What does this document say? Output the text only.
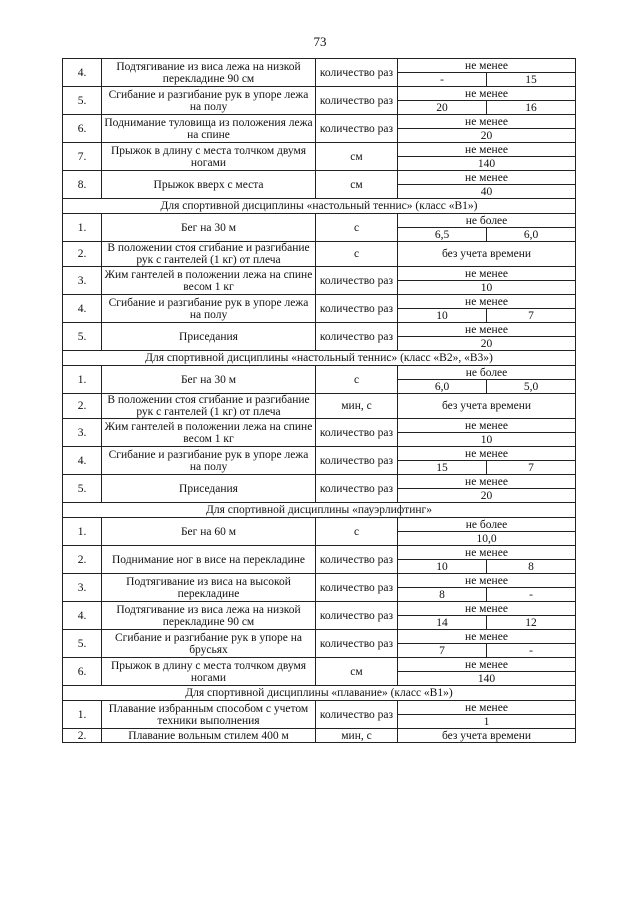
73
4.	Подтягивание из виса лежа на низкой перекладине 90 см	количество раз	не менее	
			-	15
5.	Сгибание и разгибание рук в упоре лежа на полу	количество раз	не менее	
			20	16
6.	Поднимание туловища из положения лежа на спине	количество раз	не менее	
			20	
7.	Прыжок в длину с места толчком двумя ногами	см	не менее	
			140	
8.	Прыжок вверх с места	см	не менее	
			40	
Для спортивной дисциплины «настольный теннис» (класс «В1»)				
1.	Бег на 30 м	с	не более	
			6,5	6,0
2.	В положении стоя сгибание и разгибание рук с гантелей (1 кг) от плеча	с	без учета времени	

3.	Жим гантелей в положении лежа на спине весом 1 кг	количество раз	не менее	
			10	
4.	Сгибание и разгибание рук в упоре лежа на полу	количество раз	не менее	
			10	7
5.	Приседания	количество раз	не менее	
			20	
Для спортивной дисциплины «настольный теннис» (класс «В2», «В3»)				
1.	Бег на 30 м	с	не более	
			6,0	5,0
2.	В положении стоя сгибание и разгибание рук с гантелей (1 кг) от плеча	мин, с	без учета времени	

3.	Жим гантелей в положении лежа на спине весом 1 кг	количество раз	не менее	
			10	
4.	Сгибание и разгибание рук в упоре лежа на полу	количество раз	не менее	
			15	7
5.	Приседания	количество раз	не менее	
			20	
Для спортивной дисциплины «пауэрлифтинг»				
1.	Бег на 60 м	с	не более	
			10,0	
2.	Поднимание ног в висе на перекладине	количество раз	не менее	
			10	8
3.	Подтягивание из виса на высокой перекладине	количество раз	не менее	
			8	-
4.	Подтягивание из виса лежа на низкой перекладине 90 см	количество раз	не менее	
			14	12
5.	Сгибание и разгибание рук в упоре на брусьях	количество раз	не менее	
			7	-
6.	Прыжок в длину с места толчком двумя ногами	см	не менее	
			140	
Для спортивной дисциплины «плавание» (класс «В1»)				
1.	Плавание избранным способом с учетом техники выполнения	количество раз	не менее	
			1	
2.	Плавание вольным стилем 400 м	мин, с	без учета времени	
